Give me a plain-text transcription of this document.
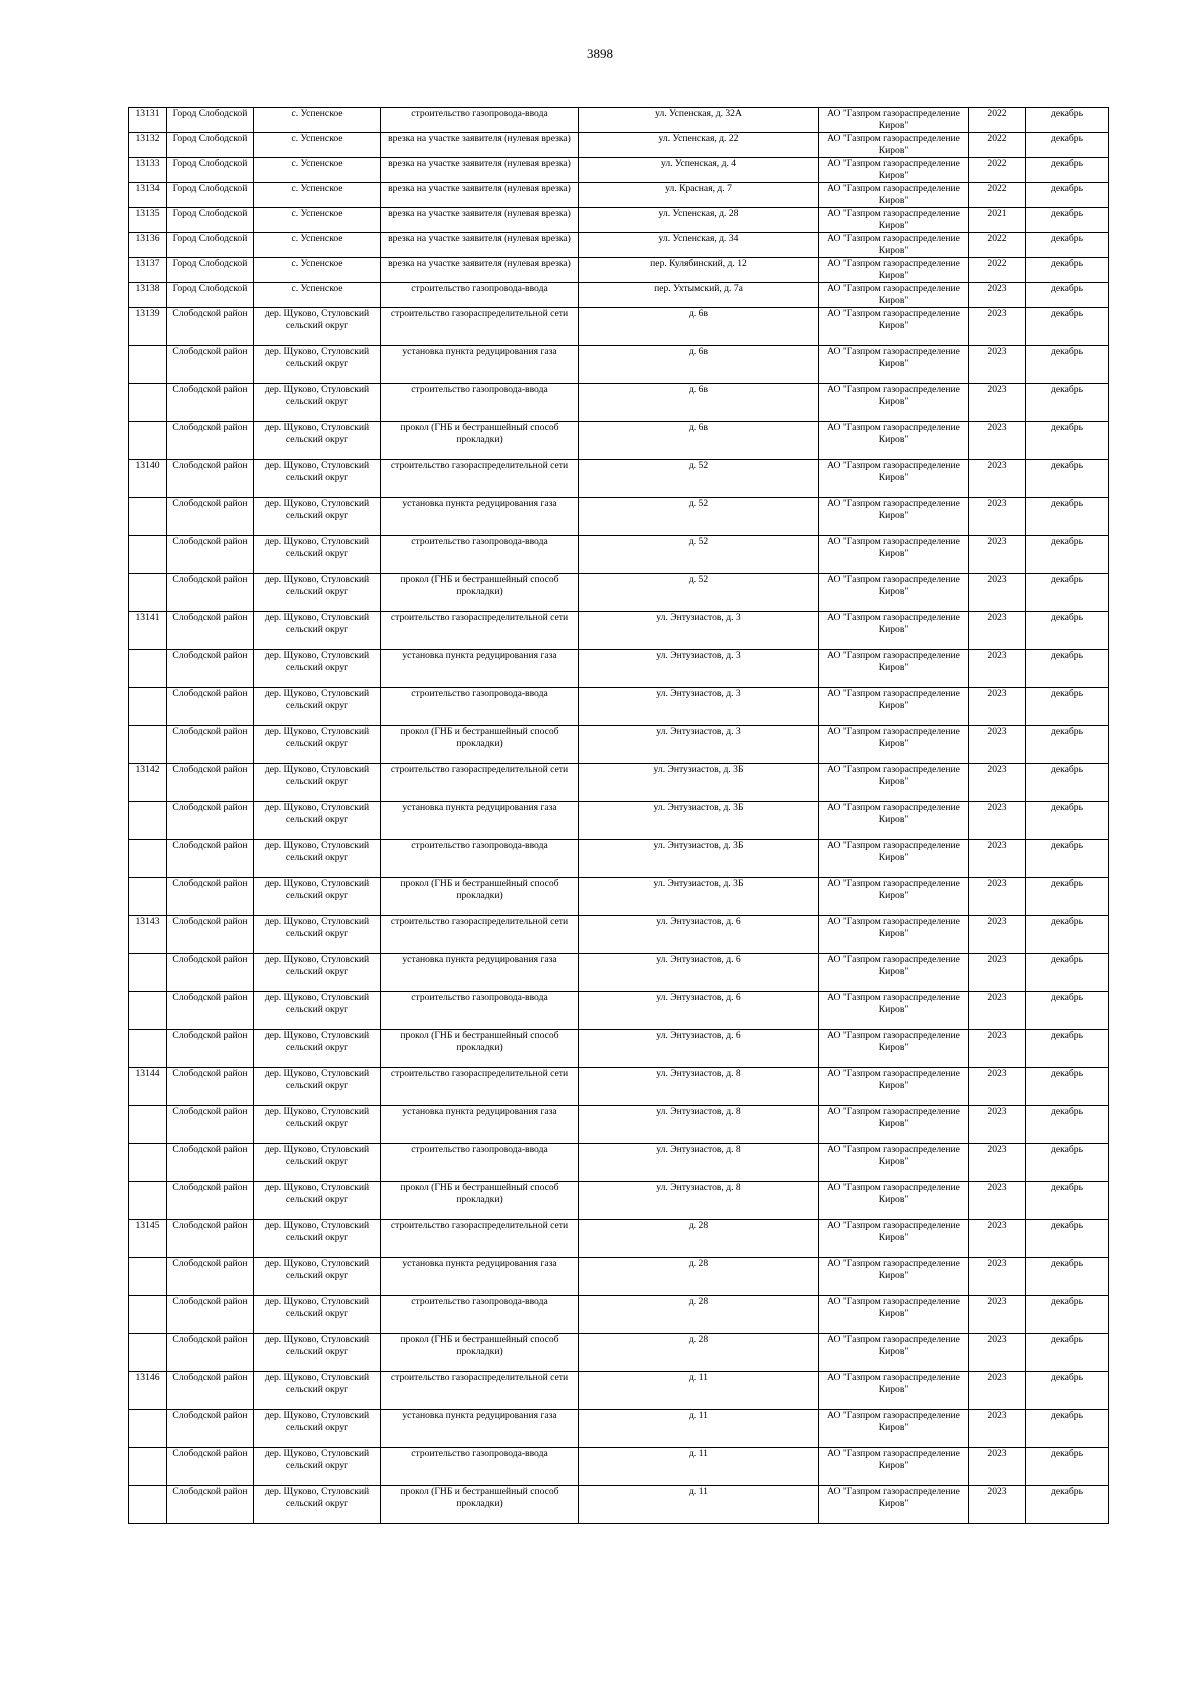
3898
13131	Город Слободской	с. Успенское	строительство газопровода-ввода	ул. Успенская, д. 32А	АО "Газпром газораспределение Киров"	2022	декабрь
13132	Город Слободской	с. Успенское	врезка на участке заявителя (нулевая врезка)	ул. Успенская, д. 22	АО "Газпром газораспределение Киров"	2022	декабрь
13133	Город Слободской	с. Успенское	врезка на участке заявителя (нулевая врезка)	ул. Успенская, д. 4	АО "Газпром газораспределение Киров"	2022	декабрь
13134	Город Слободской	с. Успенское	врезка на участке заявителя (нулевая врезка)	ул. Красная, д. 7	АО "Газпром газораспределение Киров"	2022	декабрь
13135	Город Слободской	с. Успенское	врезка на участке заявителя (нулевая врезка)	ул. Успенская, д. 28	АО "Газпром газораспределение Киров"	2021	декабрь
13136	Город Слободской	с. Успенское	врезка на участке заявителя (нулевая врезка)	ул. Успенская, д. 34	АО "Газпром газораспределение Киров"	2022	декабрь
13137	Город Слободской	с. Успенское	врезка на участке заявителя (нулевая врезка)	пер. Кулябинский, д. 12	АО "Газпром газораспределение Киров"	2022	декабрь
13138	Город Слободской	с. Успенское	строительство газопровода-ввода	пер. Ухтымский, д. 7а	АО "Газпром газораспределение Киров"	2023	декабрь
13139	Слободской район	дер. Щуково, Стуловский сельский округ	строительство газораспределительной сети	д. 6в	АО "Газпром газораспределение Киров"	2023	декабрь
	Слободской район	дер. Щуково, Стуловский сельский округ	установка пункта редуцирования газа	д. 6в	АО "Газпром газораспределение Киров"	2023	декабрь
	Слободской район	дер. Щуково, Стуловский сельский округ	строительство газопровода-ввода	д. 6в	АО "Газпром газораспределение Киров"	2023	декабрь
	Слободской район	дер. Щуково, Стуловский сельский округ	прокол (ГНБ и бестраншейный способ прокладки)	д. 6в	АО "Газпром газораспределение Киров"	2023	декабрь
13140	Слободской район	дер. Щуково, Стуловский сельский округ	строительство газораспределительной сети	д. 52	АО "Газпром газораспределение Киров"	2023	декабрь
	Слободской район	дер. Щуково, Стуловский сельский округ	установка пункта редуцирования газа	д. 52	АО "Газпром газораспределение Киров"	2023	декабрь
	Слободской район	дер. Щуково, Стуловский сельский округ	строительство газопровода-ввода	д. 52	АО "Газпром газораспределение Киров"	2023	декабрь
	Слободской район	дер. Щуково, Стуловский сельский округ	прокол (ГНБ и бестраншейный способ прокладки)	д. 52	АО "Газпром газораспределение Киров"	2023	декабрь
13141	Слободской район	дер. Щуково, Стуловский сельский округ	строительство газораспределительной сети	ул. Энтузиастов, д. 3	АО "Газпром газораспределение Киров"	2023	декабрь
	Слободской район	дер. Щуково, Стуловский сельский округ	установка пункта редуцирования газа	ул. Энтузиастов, д. 3	АО "Газпром газораспределение Киров"	2023	декабрь
	Слободской район	дер. Щуково, Стуловский сельский округ	строительство газопровода-ввода	ул. Энтузиастов, д. 3	АО "Газпром газораспределение Киров"	2023	декабрь
	Слободской район	дер. Щуково, Стуловский сельский округ	прокол (ГНБ и бестраншейный способ прокладки)	ул. Энтузиастов, д. 3	АО "Газпром газораспределение Киров"	2023	декабрь
13142	Слободской район	дер. Щуково, Стуловский сельский округ	строительство газораспределительной сети	ул. Энтузиастов, д. 3Б	АО "Газпром газораспределение Киров"	2023	декабрь
	Слободской район	дер. Щуково, Стуловский сельский округ	установка пункта редуцирования газа	ул. Энтузиастов, д. 3Б	АО "Газпром газораспределение Киров"	2023	декабрь
	Слободской район	дер. Щуково, Стуловский сельский округ	строительство газопровода-ввода	ул. Энтузиастов, д. 3Б	АО "Газпром газораспределение Киров"	2023	декабрь
	Слободской район	дер. Щуково, Стуловский сельский округ	прокол (ГНБ и бестраншейный способ прокладки)	ул. Энтузиастов, д. 3Б	АО "Газпром газораспределение Киров"	2023	декабрь
13143	Слободской район	дер. Щуково, Стуловский сельский округ	строительство газораспределительной сети	ул. Энтузиастов, д. 6	АО "Газпром газораспределение Киров"	2023	декабрь
	Слободской район	дер. Щуково, Стуловский сельский округ	установка пункта редуцирования газа	ул. Энтузиастов, д. 6	АО "Газпром газораспределение Киров"	2023	декабрь
	Слободской район	дер. Щуково, Стуловский сельский округ	строительство газопровода-ввода	ул. Энтузиастов, д. 6	АО "Газпром газораспределение Киров"	2023	декабрь
	Слободской район	дер. Щуково, Стуловский сельский округ	прокол (ГНБ и бестраншейный способ прокладки)	ул. Энтузиастов, д. 6	АО "Газпром газораспределение Киров"	2023	декабрь
13144	Слободской район	дер. Щуково, Стуловский сельский округ	строительство газораспределительной сети	ул. Энтузиастов, д. 8	АО "Газпром газораспределение Киров"	2023	декабрь
	Слободской район	дер. Щуково, Стуловский сельский округ	установка пункта редуцирования газа	ул. Энтузиастов, д. 8	АО "Газпром газораспределение Киров"	2023	декабрь
	Слободской район	дер. Щуково, Стуловский сельский округ	строительство газопровода-ввода	ул. Энтузиастов, д. 8	АО "Газпром газораспределение Киров"	2023	декабрь
	Слободской район	дер. Щуково, Стуловский сельский округ	прокол (ГНБ и бестраншейный способ прокладки)	ул. Энтузиастов, д. 8	АО "Газпром газораспределение Киров"	2023	декабрь
13145	Слободской район	дер. Щуково, Стуловский сельский округ	строительство газораспределительной сети	д. 28	АО "Газпром газораспределение Киров"	2023	декабрь
	Слободской район	дер. Щуково, Стуловский сельский округ	установка пункта редуцирования газа	д. 28	АО "Газпром газораспределение Киров"	2023	декабрь
	Слободской район	дер. Щуково, Стуловский сельский округ	строительство газопровода-ввода	д. 28	АО "Газпром газораспределение Киров"	2023	декабрь
	Слободской район	дер. Щуково, Стуловский сельский округ	прокол (ГНБ и бестраншейный способ прокладки)	д. 28	АО "Газпром газораспределение Киров"	2023	декабрь
13146	Слободской район	дер. Щуково, Стуловский сельский округ	строительство газораспределительной сети	д. 11	АО "Газпром газораспределение Киров"	2023	декабрь
	Слободской район	дер. Щуково, Стуловский сельский округ	установка пункта редуцирования газа	д. 11	АО "Газпром газораспределение Киров"	2023	декабрь
	Слободской район	дер. Щуково, Стуловский сельский округ	строительство газопровода-ввода	д. 11	АО "Газпром газораспределение Киров"	2023	декабрь
	Слободской район	дер. Щуково, Стуловский сельский округ	прокол (ГНБ и бестраншейный способ прокладки)	д. 11	АО "Газпром газораспределение Киров"	2023	декабрь
